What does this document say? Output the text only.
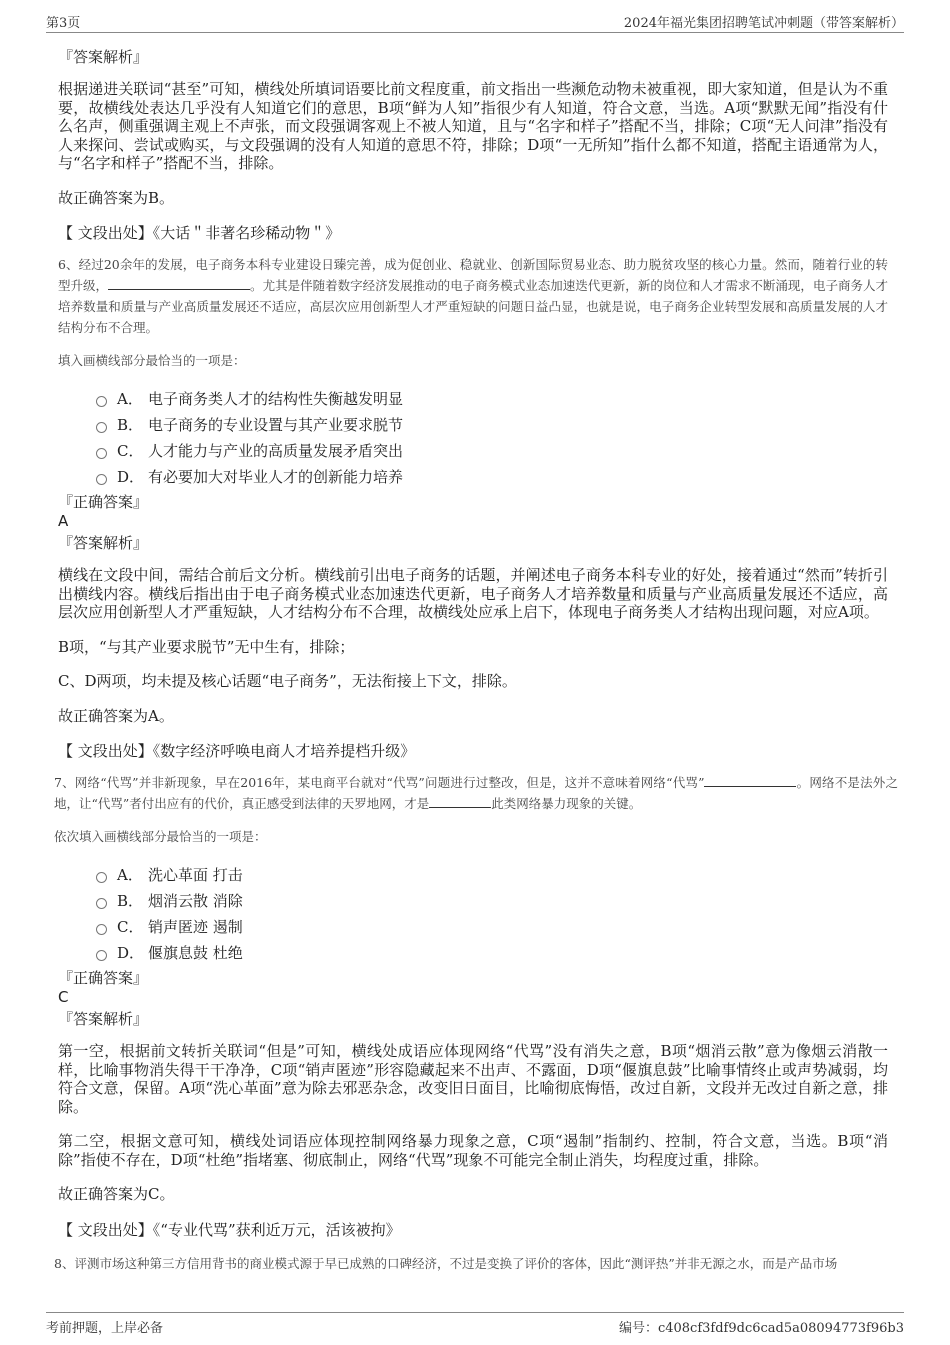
第3页	2024年福光集团招聘笔试冲刺题（带答案解析）

『答案解析』

根据递进关联词“甚至”可知，横线处所填词语要比前文程度重，前文指出一些濒危动物未被重视，即大家知道，但是认为不重要，故横线处表达几乎没有人知道它们的意思，B项“鲜为人知”指很少有人知道，符合文意，当选。A项“默默无闻”指没有什么名声，侧重强调主观上不声张，而文段强调客观上不被人知道，且与“名字和样子”搭配不当，排除；C项“无人问津”指没有人来探问、尝试或购买，与文段强调的没有人知道的意思不符，排除；D项“一无所知”指什么都不知道，搭配主语通常为人，与“名字和样子”搭配不当，排除。

故正确答案为B。

【 文段出处】《大话＂非著名珍稀动物＂》

6、经过20余年的发展，电子商务本科专业建设日臻完善，成为促创业、稳就业、创新国际贸易业态、助力脱贫攻坚的核心力量。然而，随着行业的转型升级，	。尤其是伴随着数字经济发展推动的电子商务模式业态加速迭代更新，新的岗位和人才需求不断涌现，电子商务人才培养数量和质量与产业高质量发展还不适应，高层次应用创新型人才严重短缺的问题日益凸显，也就是说，电子商务企业转型发展和高质量发展的人才结构分布不合理。

填入画横线部分最恰当的一项是：

A． 电子商务类人才的结构性失衡越发明显
B． 电子商务的专业设置与其产业要求脱节
C． 人才能力与产业的高质量发展矛盾突出
D． 有必要加大对毕业人才的创新能力培养

『正确答案』

A

『答案解析』

横线在文段中间，需结合前后文分析。横线前引出电子商务的话题，并阐述电子商务本科专业的好处，接着通过“然而”转折引出横线内容。横线后指出由于电子商务模式业态加速迭代更新，电子商务人才培养数量和质量与产业高质量发展还不适应，高层次应用创新型人才严重短缺，人才结构分布不合理，故横线处应承上启下，体现电子商务类人才结构出现问题，对应A项。

B项，“与其产业要求脱节”无中生有，排除；

C、D两项，均未提及核心话题“电子商务”，无法衔接上下文，排除。

故正确答案为A。

【 文段出处】《数字经济呼唤电商人才培养提档升级》

7、网络“代骂”并非新现象，早在2016年，某电商平台就对“代骂”问题进行过整改，但是，这并不意味着网络“代骂”	。网络不是法外之地，让“代骂”者付出应有的代价，真正感受到法律的天罗地网，才是	此类网络暴力现象的关键。

依次填入画横线部分最恰当的一项是：

A． 洗心革面 打击
B． 烟消云散 消除
C． 销声匿迹 遏制
D． 偃旗息鼓 杜绝

『正确答案』

C

『答案解析』

第一空，根据前文转折关联词“但是”可知，横线处成语应体现网络“代骂”没有消失之意，B项“烟消云散”意为像烟云消散一样，比喻事物消失得干干净净，C项“销声匿迹”形容隐藏起来不出声、不露面，D项“偃旗息鼓”比喻事情终止或声势减弱，均符合文意，保留。A项“洗心革面”意为除去邪恶杂念，改变旧日面目，比喻彻底悔悟，改过自新，文段并无改过自新之意，排除。

第二空，根据文意可知，横线处词语应体现控制网络暴力现象之意，C项“遏制”指制约、控制，符合文意，当选。B项“消除”指使不存在，D项“杜绝”指堵塞、彻底制止，网络“代骂”现象不可能完全制止消失，均程度过重，排除。

故正确答案为C。

【 文段出处】《“专业代骂”获利近万元，活该被拘》

8、评测市场这种第三方信用背书的商业模式源于早已成熟的口碑经济，不过是变换了评价的客体，因此“测评热”并非无源之水，而是产品市场

考前押题，上岸必备	编号：c408cf3fdf9dc6cad5a08094773f96b3
